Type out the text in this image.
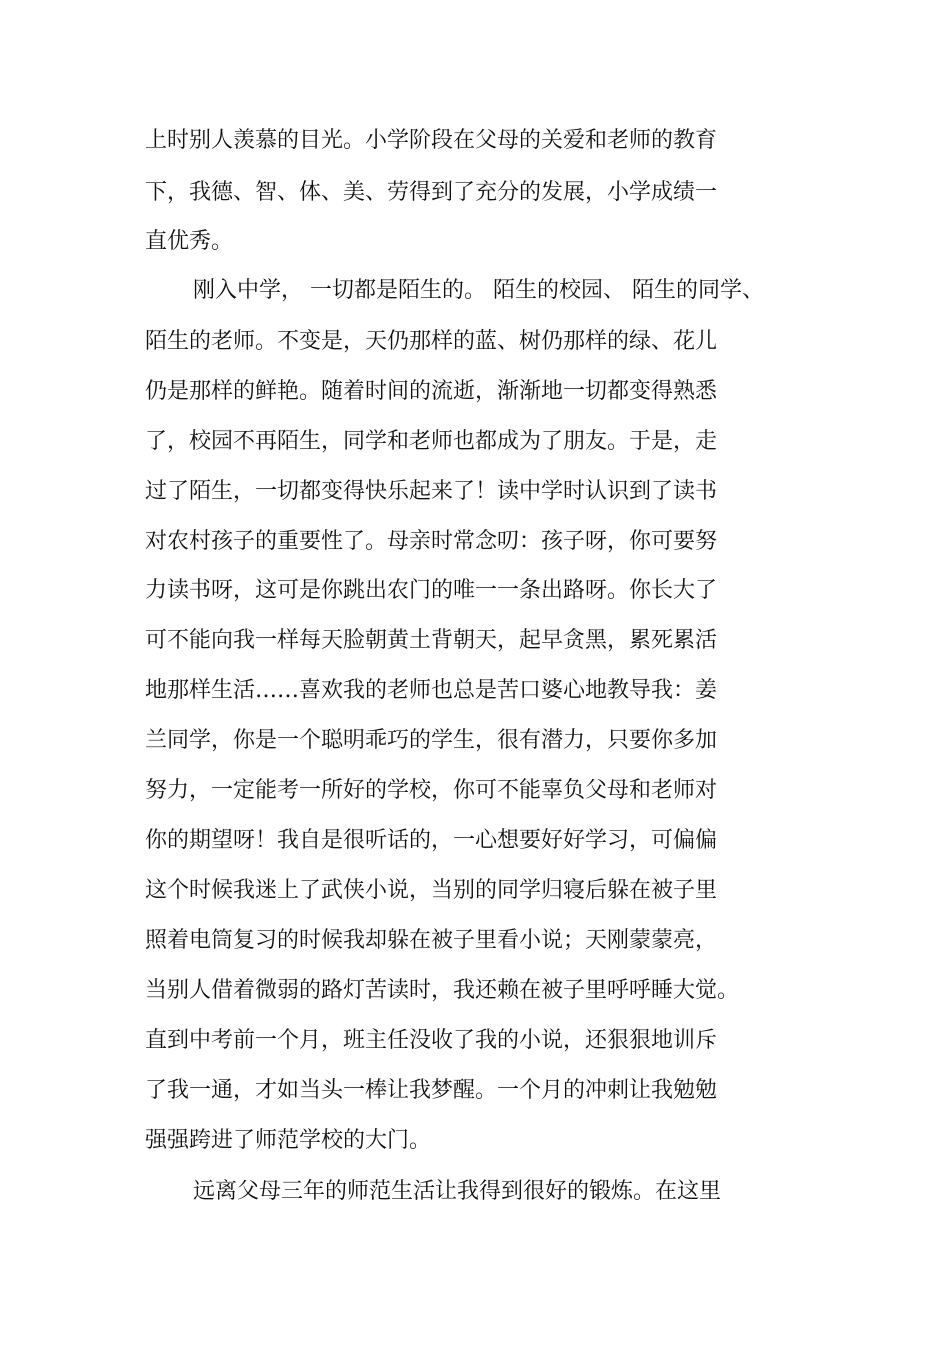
上时别人羡慕的目光。小学阶段在父母的关爱和老师的教育

下，我德、智、体、美、劳得到了充分的发展，小学成绩一

直优秀。

刚入中学， 一切都是陌生的。 陌生的校园、 陌生的同学、

陌生的老师。不变是，天仍那样的蓝、树仍那样的绿、花儿

仍是那样的鲜艳。随着时间的流逝，渐渐地一切都变得熟悉

了，校园不再陌生，同学和老师也都成为了朋友。于是，走

过了陌生，一切都变得快乐起来了！读中学时认识到了读书

对农村孩子的重要性了。母亲时常念叨：孩子呀，你可要努

力读书呀，这可是你跳出农门的唯一一条出路呀。你长大了

可不能向我一样每天脸朝黄土背朝天，起早贪黑，累死累活

地那样生活……喜欢我的老师也总是苦口婆心地教导我：姜

兰同学，你是一个聪明乖巧的学生，很有潜力，只要你多加

努力，一定能考一所好的学校，你可不能辜负父母和老师对

你的期望呀！我自是很听话的，一心想要好好学习，可偏偏

这个时候我迷上了武侠小说，当别的同学归寝后躲在被子里

照着电筒复习的时候我却躲在被子里看小说；天刚蒙蒙亮，

当别人借着微弱的路灯苦读时，我还赖在被子里呼呼睡大觉。

直到中考前一个月，班主任没收了我的小说，还狠狠地训斥

了我一通，才如当头一棒让我梦醒。一个月的冲刺让我勉勉

强强跨进了师范学校的大门。

远离父母三年的师范生活让我得到很好的锻炼。在这里
